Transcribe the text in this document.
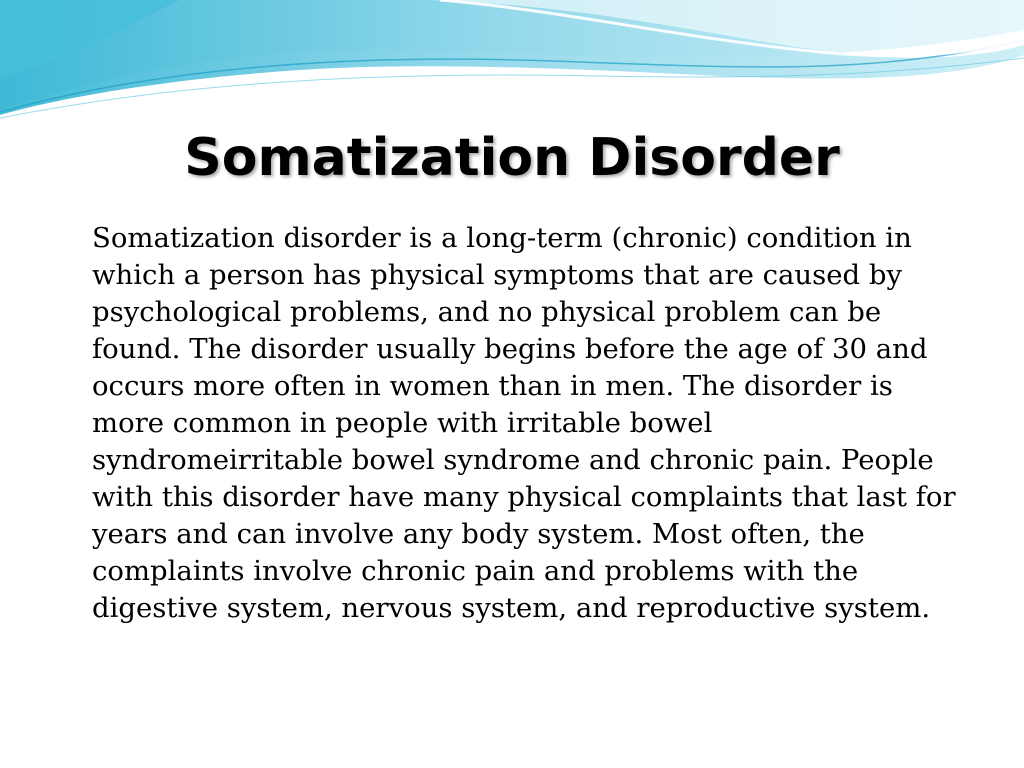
Somatization Disorder

Somatization disorder is a long-term (chronic) condition in which a person has physical symptoms that are caused by psychological problems, and no physical problem can be found. The disorder usually begins before the age of 30 and occurs more often in women than in men. The disorder is more common in people with irritable bowel syndromeirritable bowel syndrome and chronic pain. People with this disorder have many physical complaints that last for years and can involve any body system. Most often, the complaints involve chronic pain and problems with the digestive system, nervous system, and reproductive system.
